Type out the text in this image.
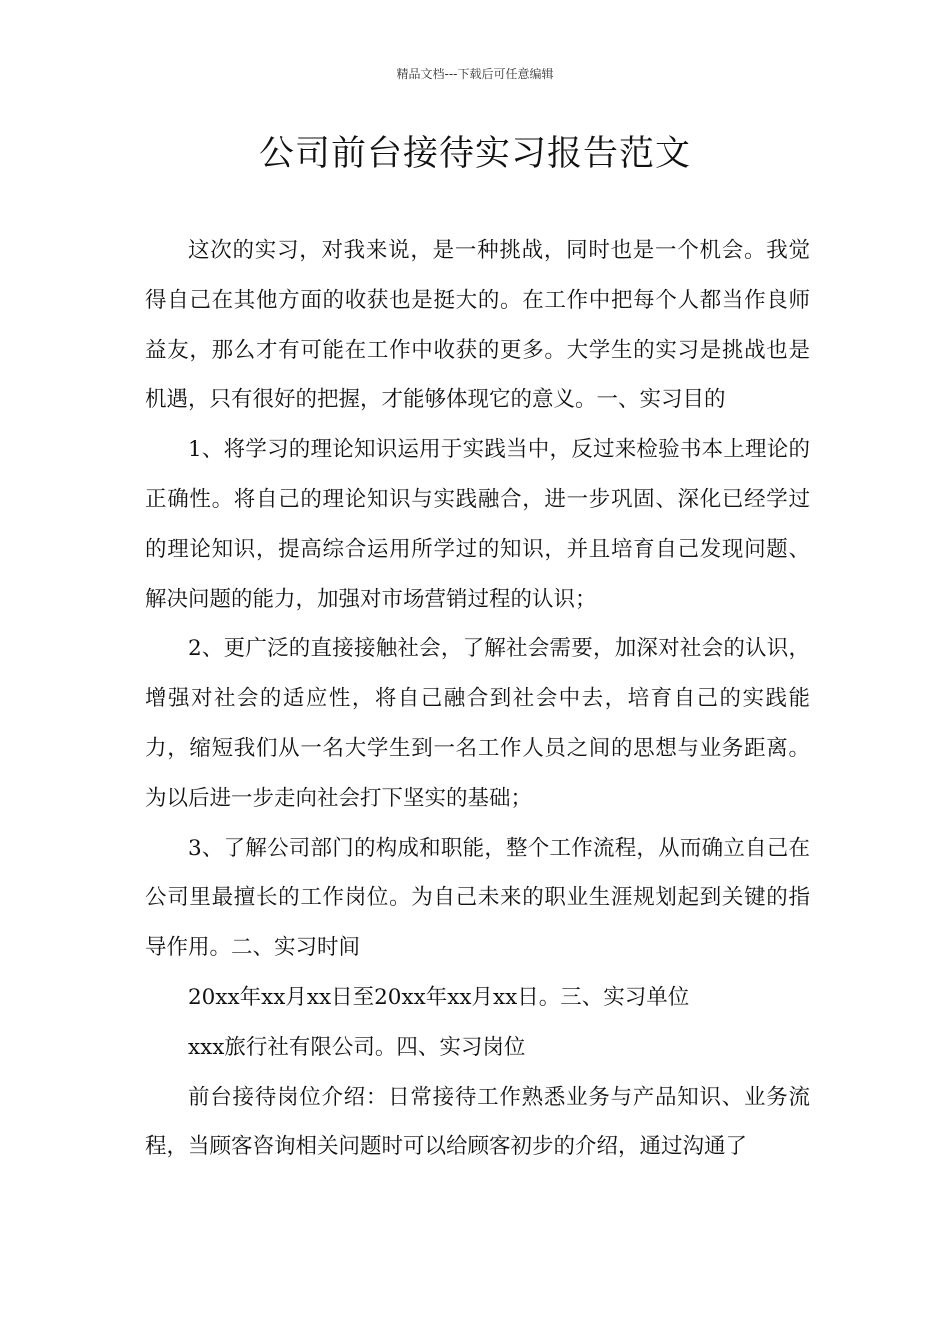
精品文档---下载后可任意编辑
公司前台接待实习报告范文

这次的实习，对我来说，是一种挑战，同时也是一个机会。我觉得自己在其他方面的收获也是挺大的。在工作中把每个人都当作良师益友，那么才有可能在工作中收获的更多。大学生的实习是挑战也是机遇，只有很好的把握，才能够体现它的意义。一、实习目的

1、将学习的理论知识运用于实践当中，反过来检验书本上理论的正确性。将自己的理论知识与实践融合，进一步巩固、深化已经学过的理论知识，提高综合运用所学过的知识，并且培育自己发现问题、解决问题的能力，加强对市场营销过程的认识；

2、更广泛的直接接触社会，了解社会需要，加深对社会的认识，增强对社会的适应性，将自己融合到社会中去，培育自己的实践能力，缩短我们从一名大学生到一名工作人员之间的思想与业务距离。为以后进一步走向社会打下坚实的基础；

3、了解公司部门的构成和职能，整个工作流程，从而确立自己在公司里最擅长的工作岗位。为自己未来的职业生涯规划起到关键的指导作用。二、实习时间

20xx年xx月xx日至20xx年xx月xx日。三、实习单位

xxx旅行社有限公司。四、实习岗位

前台接待岗位介绍：日常接待工作熟悉业务与产品知识、业务流程，当顾客咨询相关问题时可以给顾客初步的介绍，通过沟通了
